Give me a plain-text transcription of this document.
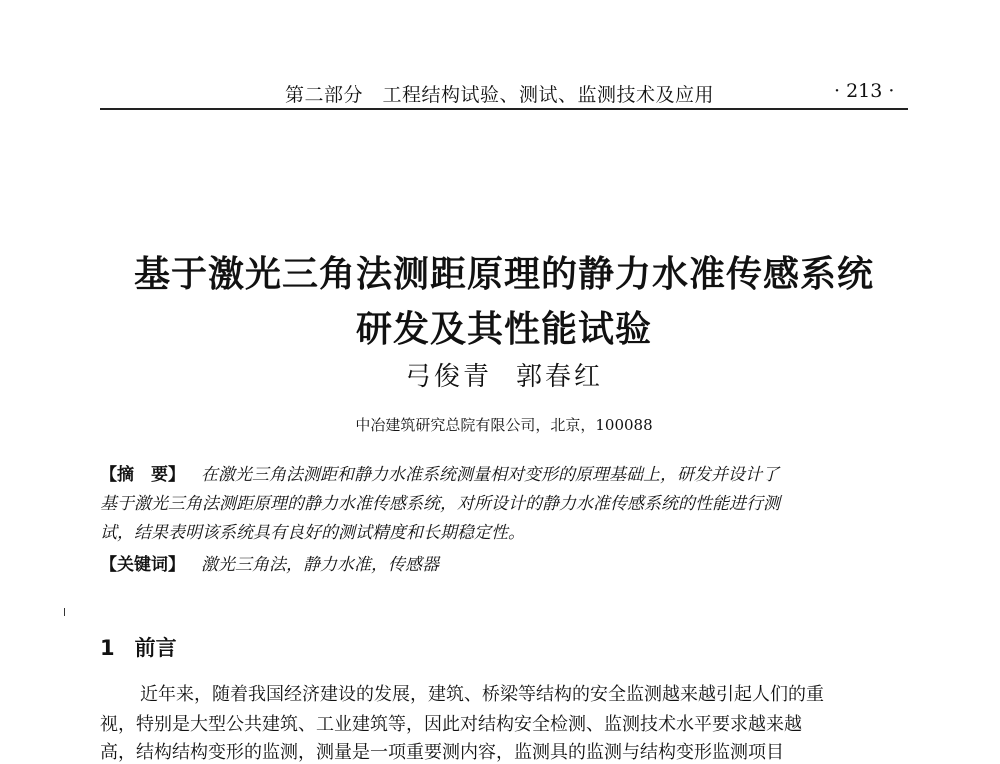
第二部分　工程结构试验、测试、监测技术及应用	· 213 ·
基于激光三角法测距原理的静力水准传感系统
研发及其性能试验
弓俊青 郭春红
中冶建筑研究总院有限公司，北京，100088
【摘　要】 在激光三角法测距和静力水准系统测量相对变形的原理基础上，研发并设计了
基于激光三角法测距原理的静力水准传感系统，对所设计的静力水准传感系统的性能进行测
试，结果表明该系统具有良好的测试精度和长期稳定性。
【关键词】 激光三角法，静力水准，传感器
1 前言
近年来，随着我国经济建设的发展，建筑、桥梁等结构的安全监测越来越引起人们的重
视，特别是大型公共建筑、工业建筑等，因此对结构安全检测、监测技术水平要求越来越
高，结构结构变形的监测，测量是一项重要测内容，监测具的监测与结构变形监测项目
